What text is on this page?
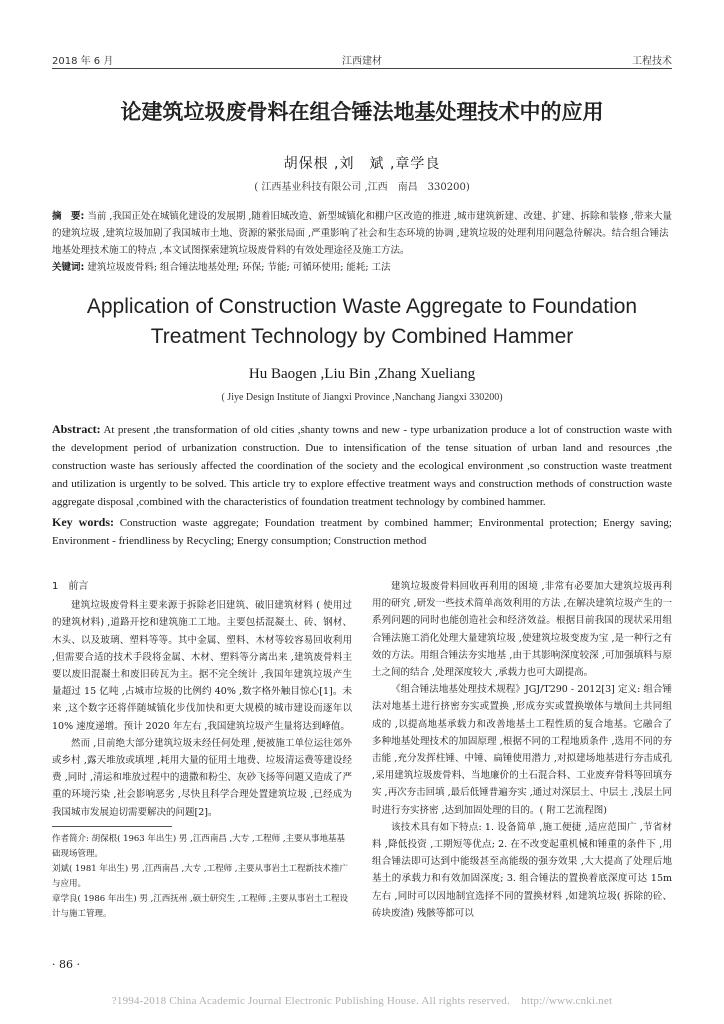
2018 年 6 月	江西建材	工程技术
论建筑垃圾废骨料在组合锤法地基处理技术中的应用
胡保根 ,刘　斌 ,章学良
( 江西基业科技有限公司 ,江西　南昌　330200)

摘　要: 当前 ,我国正处在城镇化建设的发展期 ,随着旧城改造、新型城镇化和棚户区改造的推进 ,城市建筑新建、改建、扩建、拆除和装修 ,带来大量的建筑垃圾 ,建筑垃圾加剧了我国城市土地、资源的紧张局面 ,严重影响了社会和生态环境的协调 ,建筑垃圾的处理利用问题急待解决。结合组合锤法地基处理技术施工的特点 ,本文试图探索建筑垃圾废骨料的有效处理途径及施工方法。

关键词: 建筑垃圾废骨料; 组合锤法地基处理; 环保; 节能; 可循环使用; 能耗; 工法

Application of Construction Waste Aggregate to Foundation
Treatment Technology by Combined Hammer
Hu Baogen ,Liu Bin ,Zhang Xueliang
( Jiye Design Institute of Jiangxi Province ,Nanchang Jiangxi 330200)

Abstract: At present ,the transformation of old cities ,shanty towns and new - type urbanization produce a lot of construction waste with the development period of urbanization construction. Due to intensification of the tense situation of urban land and resources ,the construction waste has seriously affected the coordination of the society and the ecological environment ,so construction waste treatment and utilization is urgently to be solved. This article try to explore effective treatment ways and construction methods of construction waste aggregate disposal ,combined with the characteristics of foundation treatment technology by combined hammer.

Key words: Construction waste aggregate; Foundation treatment by combined hammer; Environmental protection; Energy saving; Environment - friendliness by Recycling; Energy consumption; Construction method

1　前言

建筑垃圾废骨料主要来源于拆除老旧建筑、破旧建筑材料 ( 使用过的建筑材料) ,道路开挖和建筑施工工地。主要包括混凝土、砖、钢材、木头、以及玻璃、塑料等等。其中金属、塑料、木材等较容易回收利用 ,但需要合适的技术手段将金属、木材、塑料等分离出来 ,建筑废骨料主要以废旧混凝土和废旧砖瓦为主。据不完全统计 ,我国年建筑垃圾产生量超过 15 亿吨 ,占城市垃圾的比例约 40% ,数字格外触目惊心[1]。未来 ,这个数字还将伴随城镇化步伐加快和更大规模的城市建设而逐年以 10% 速度递增。预计 2020 年左右 ,我国建筑垃圾产生量将达到峰值。

然而 ,目前绝大部分建筑垃圾未经任何处理 ,便被施工单位运往郊外或乡村 ,露天堆放或填埋 ,耗用大量的征用土地费、垃圾清运费等建设经费 ,同时 ,清运和堆放过程中的遗撒和粉尘、灰砂飞扬等问题又造成了严重的环境污染 ,社会影响恶劣 ,尽快且科学合理处置建筑垃圾 ,已经成为我国城市发展迫切需要解决的问题[2]。

建筑垃圾废骨料回收再利用的困境 ,非常有必要加大建筑垃圾再利用的研究 ,研发一些技术简单高效利用的方法 ,在解决建筑垃圾产生的一系列问题的同时也能创造社会和经济效益。根据目前我国的现状采用组合锤法施工消化处理大量建筑垃圾 ,使建筑垃圾变废为宝 ,是一种行之有效的方法。用组合锤法夯实地基 ,由于其影响深度较深 ,可加强填料与原土之间的结合 ,处理深度较大 ,承载力也可大副提高。

《组合锤法地基处理技术规程》JGJ/T290 - 2012[3] 定义: 组合锤法对地基土进行挤密夯实或置换 ,形成夯实或置换墩体与墩间土共同组成的 ,以提高地基承载力和改善地基土工程性质的复合地基。它融合了多种地基处理技术的加固原理 ,根据不同的工程地质条件 ,选用不同的夯击能 ,充分发挥柱锤、中锤、扁锤使用潜力 ,对拟建场地基进行夯击成孔 ,采用建筑垃圾废骨料、当地廉价的土石混合料、工业废弃骨料等回填夯实 ,再次夯击回填 ,最后低锤普遍夯实 ,通过对深层土、中层土 ,浅层土同时进行夯实挤密 ,达到加固处理的目的。( 附工艺流程图)

该技术具有如下特点: 1. 设备简单 ,施工便捷 ,适应范围广 ,节省材料 ,降低投资 ,工期短等优点; 2. 在不改变起重机械和锤重的条件下 ,用组合锤法即可达到中能级甚至高能级的强夯效果 ,大大提高了处理后地基土的承载力和有效加固深度; 3. 组合锤法的置换着底深度可达 15m 左右 ,同时可以因地制宜选择不同的置换材料 ,如建筑垃圾( 拆除的砼、砖块废渣) 残骸等都可以

作者简介: 胡保根( 1963 年出生) 男 ,江西南昌 ,大专 ,工程师 ,主要从事地基基础现场管理。

刘斌( 1981 年出生) 男 ,江西南昌 ,大专 ,工程师 ,主要从事岩土工程新技术推广与应用。

章学良( 1986 年出生) 男 ,江西抚州 ,硕士研究生 ,工程师 ,主要从事岩土工程设计与施工管理。

· 86 ·
?1994-2018 China Academic Journal Electronic Publishing House. All rights reserved.　http://www.cnki.net
